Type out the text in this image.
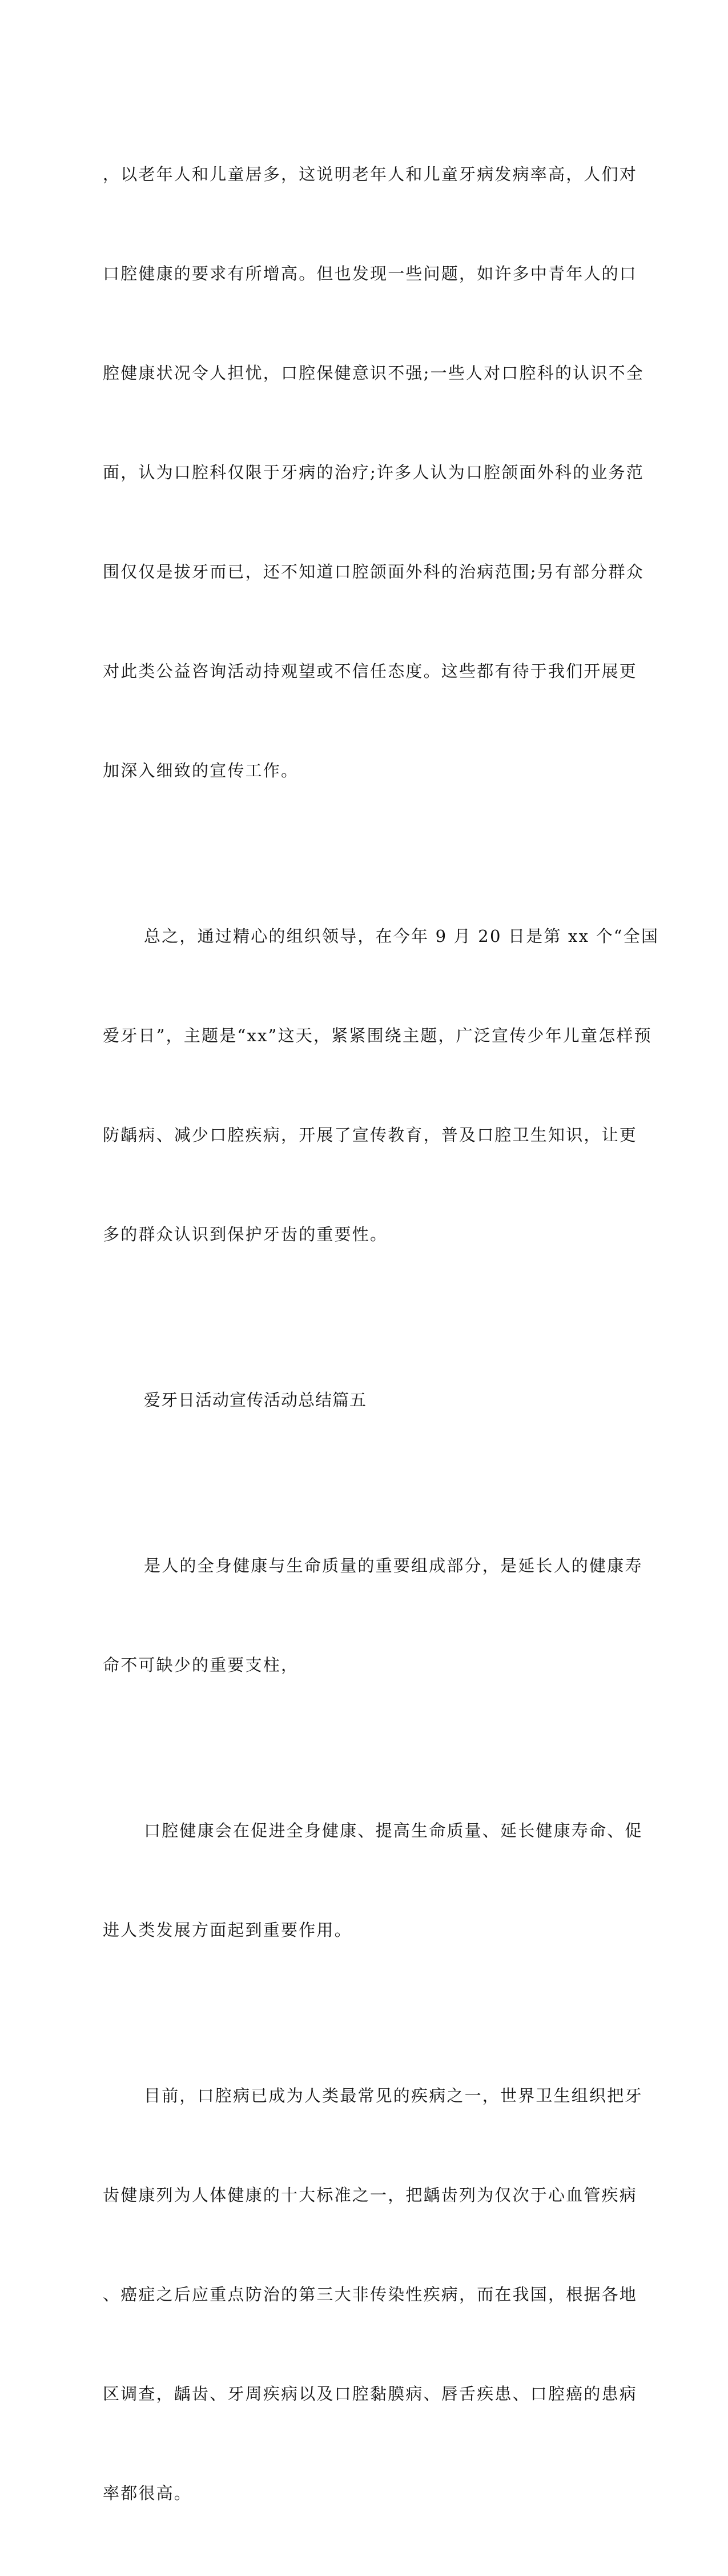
，以老年人和儿童居多，这说明老年人和儿童牙病发病率高，人们对

口腔健康的要求有所增高。但也发现一些问题，如许多中青年人的口

腔健康状况令人担忧，口腔保健意识不强;一些人对口腔科的认识不全

面，认为口腔科仅限于牙病的治疗;许多人认为口腔颌面外科的业务范

围仅仅是拔牙而已，还不知道口腔颌面外科的治病范围;另有部分群众

对此类公益咨询活动持观望或不信任态度。这些都有待于我们开展更

加深入细致的宣传工作。

总之，通过精心的组织领导，在今年 9 月 20 日是第 xx 个“全国

爱牙日”，主题是“xx”这天，紧紧围绕主题，广泛宣传少年儿童怎样预

防龋病、减少口腔疾病，开展了宣传教育，普及口腔卫生知识，让更

多的群众认识到保护牙齿的重要性。

爱牙日活动宣传活动总结篇五

是人的全身健康与生命质量的重要组成部分，是延长人的健康寿

命不可缺少的重要支柱，

口腔健康会在促进全身健康、提高生命质量、延长健康寿命、促

进人类发展方面起到重要作用。

目前，口腔病已成为人类最常见的疾病之一，世界卫生组织把牙

齿健康列为人体健康的十大标准之一，把龋齿列为仅次于心血管疾病

、癌症之后应重点防治的第三大非传染性疾病，而在我国，根据各地

区调查，龋齿、牙周疾病以及口腔黏膜病、唇舌疾患、口腔癌的患病

率都很高。
